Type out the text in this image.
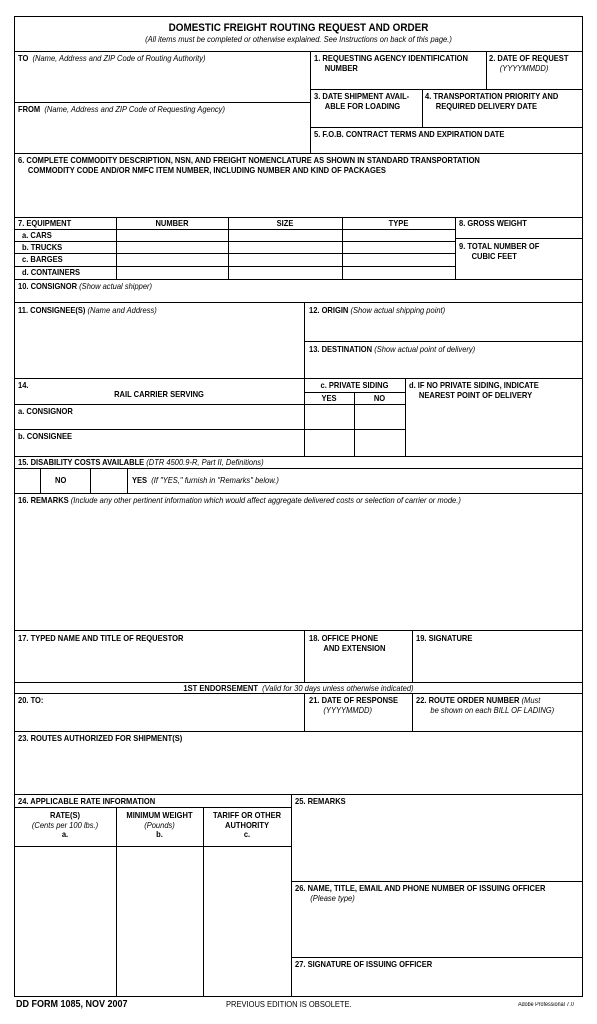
DOMESTIC FREIGHT ROUTING REQUEST AND ORDER
(All items must be completed or otherwise explained. See Instructions on back of this page.)
TO (Name, Address and ZIP Code of Routing Authority)
FROM (Name, Address and ZIP Code of Requesting Agency)
1. REQUESTING AGENCY IDENTIFICATION
NUMBER
2. DATE OF REQUEST
(YYYYMMDD)
3. DATE SHIPMENT AVAIL-
ABLE FOR LOADING
4. TRANSPORTATION PRIORITY AND
REQUIRED DELIVERY DATE
5. F.O.B. CONTRACT TERMS AND EXPIRATION DATE
6. COMPLETE COMMODITY DESCRIPTION, NSN, AND FREIGHT NOMENCLATURE AS SHOWN IN STANDARD TRANSPORTATION
COMMODITY CODE AND/OR NMFC ITEM NUMBER, INCLUDING NUMBER AND KIND OF PACKAGES
7. EQUIPMENT	NUMBER	SIZE	TYPE
a. CARS
b. TRUCKS
c. BARGES
d. CONTAINERS
8. GROSS WEIGHT
9. TOTAL NUMBER OF
CUBIC FEET
10. CONSIGNOR (Show actual shipper)
11. CONSIGNEE(S) (Name and Address)	12. ORIGIN (Show actual shipping point)
13. DESTINATION (Show actual point of delivery)
14.
RAIL CARRIER SERVING
a. CONSIGNOR
b. CONSIGNEE
c. PRIVATE SIDING
YES	NO
d. IF NO PRIVATE SIDING, INDICATE
NEAREST POINT OF DELIVERY
15. DISABILITY COSTS AVAILABLE (DTR 4500.9-R, Part II, Definitions)
NO	YES (If "YES," furnish in "Remarks" below.)
16. REMARKS (Include any other pertinent information which would affect aggregate delivered costs or selection of carrier or mode.)
17. TYPED NAME AND TITLE OF REQUESTOR	18. OFFICE PHONE
AND EXTENSION
19. SIGNATURE
1ST ENDORSEMENT (Valid for 30 days unless otherwise indicated)
20. TO:	21. DATE OF RESPONSE
(YYYYMMDD)
22. ROUTE ORDER NUMBER (Must
be shown on each BILL OF LADING)
23. ROUTES AUTHORIZED FOR SHIPMENT(S)
24. APPLICABLE RATE INFORMATION
RATE(S)
(Cents per 100 lbs.)
a.
MINIMUM WEIGHT
(Pounds)
b.
TARIFF OR OTHER
AUTHORITY
c.
25. REMARKS
26. NAME, TITLE, EMAIL AND PHONE NUMBER OF ISSUING OFFICER
(Please type)
27. SIGNATURE OF ISSUING OFFICER
DD FORM 1085, NOV 2007	PREVIOUS EDITION IS OBSOLETE.	Adobe Professional 7.0
